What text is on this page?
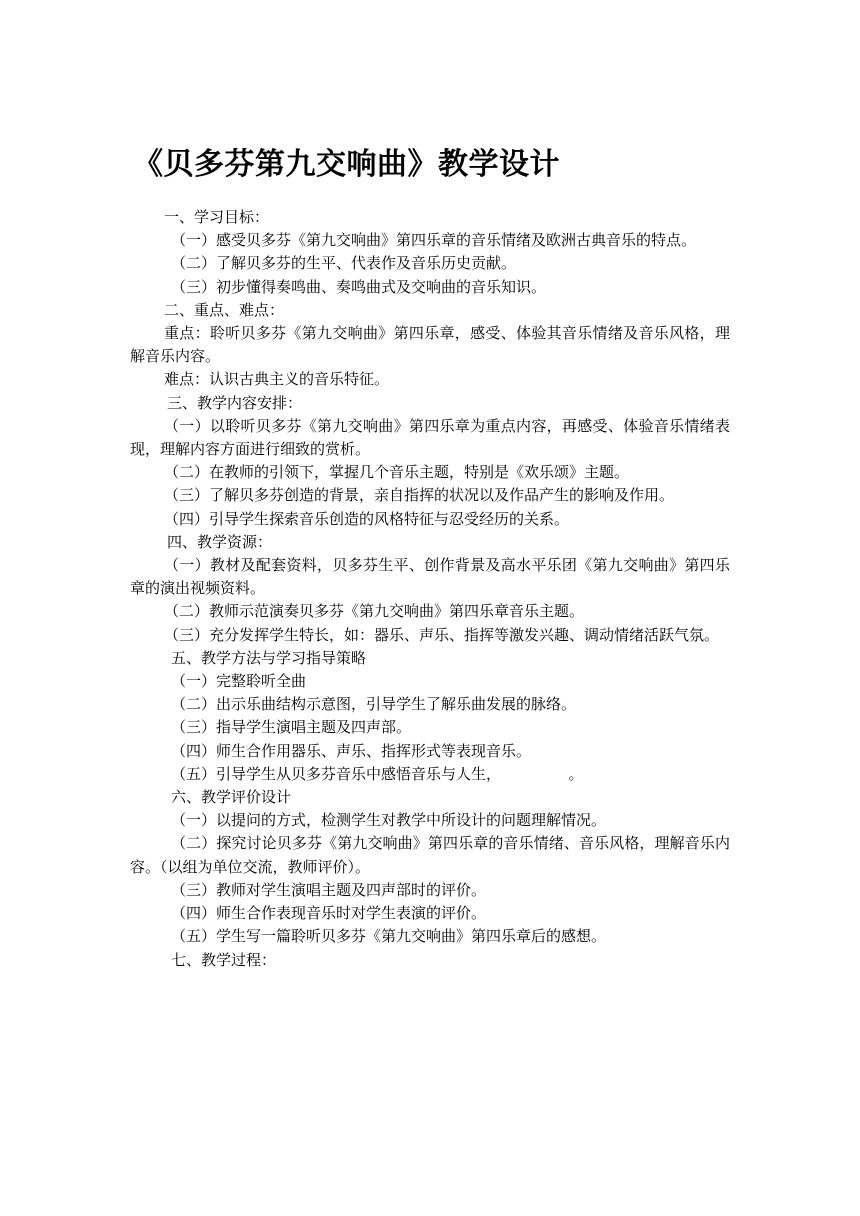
《贝多芬第九交响曲》教学设计

一、学习目标：

（一）感受贝多芬《第九交响曲》第四乐章的音乐情绪及欧洲古典音乐的特点。

（二）了解贝多芬的生平、代表作及音乐历史贡献。

（三）初步懂得奏鸣曲、奏鸣曲式及交响曲的音乐知识。

二、重点、难点：

重点：聆听贝多芬《第九交响曲》第四乐章，感受、体验其音乐情绪及音乐风格，理解音乐内容。

难点：认识古典主义的音乐特征。

三、教学内容安排：

（一）以聆听贝多芬《第九交响曲》第四乐章为重点内容，再感受、体验音乐情绪表现，理解内容方面进行细致的赏析。

（二）在教师的引领下，掌握几个音乐主题，特别是《欢乐颂》主题。

（三）了解贝多芬创造的背景，亲自指挥的状况以及作品产生的影响及作用。

（四）引导学生探索音乐创造的风格特征与忍受经历的关系。

四、教学资源：

（一）教材及配套资料，贝多芬生平、创作背景及高水平乐团《第九交响曲》第四乐章的演出视频资料。

（二）教师示范演奏贝多芬《第九交响曲》第四乐章音乐主题。

（三）充分发挥学生特长，如：器乐、声乐、指挥等激发兴趣、调动情绪活跃气氛。

五、教学方法与学习指导策略

（一）完整聆听全曲

（二）出示乐曲结构示意图，引导学生了解乐曲发展的脉络。

（三）指导学生演唱主题及四声部。

（四）师生合作用器乐、声乐、指挥形式等表现音乐。

（五）引导学生从贝多芬音乐中感悟音乐与人生，　　　　　。

六、教学评价设计

（一）以提问的方式，检测学生对教学中所设计的问题理解情况。

（二）探究讨论贝多芬《第九交响曲》第四乐章的音乐情绪、音乐风格，理解音乐内容。（以组为单位交流，教师评价）。

（三）教师对学生演唱主题及四声部时的评价。

（四）师生合作表现音乐时对学生表演的评价。

（五）学生写一篇聆听贝多芬《第九交响曲》第四乐章后的感想。

七、教学过程：
